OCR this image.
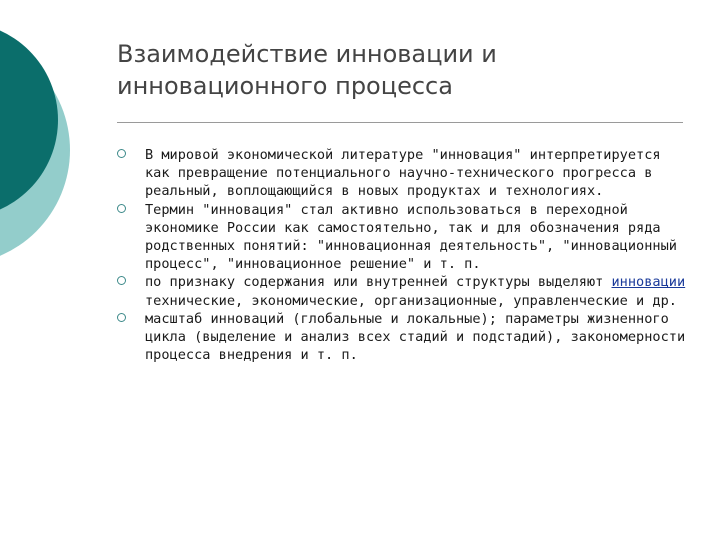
Взаимодействие инновации и
инновационного процесса
В мировой экономической литературе "инновация" интерпретируется как превращение потенциального научно-технического прогресса в реальный, воплощающийся в новых продуктах и технологиях.
Термин "инновация" стал активно использоваться в переходной экономике России как самостоятельно, так и для обозначения ряда родственных понятий: "инновационная деятельность", "инновационный процесс", "инновационное решение" и т. п.
по признаку содержания или внутренней структуры выделяют инновации технические, экономические, организационные, управленческие и др.
масштаб инноваций (глобальные и локальные); параметры жизненного цикла (выделение и анализ всех стадий и подстадий), закономерности процесса внедрения и т. п.
